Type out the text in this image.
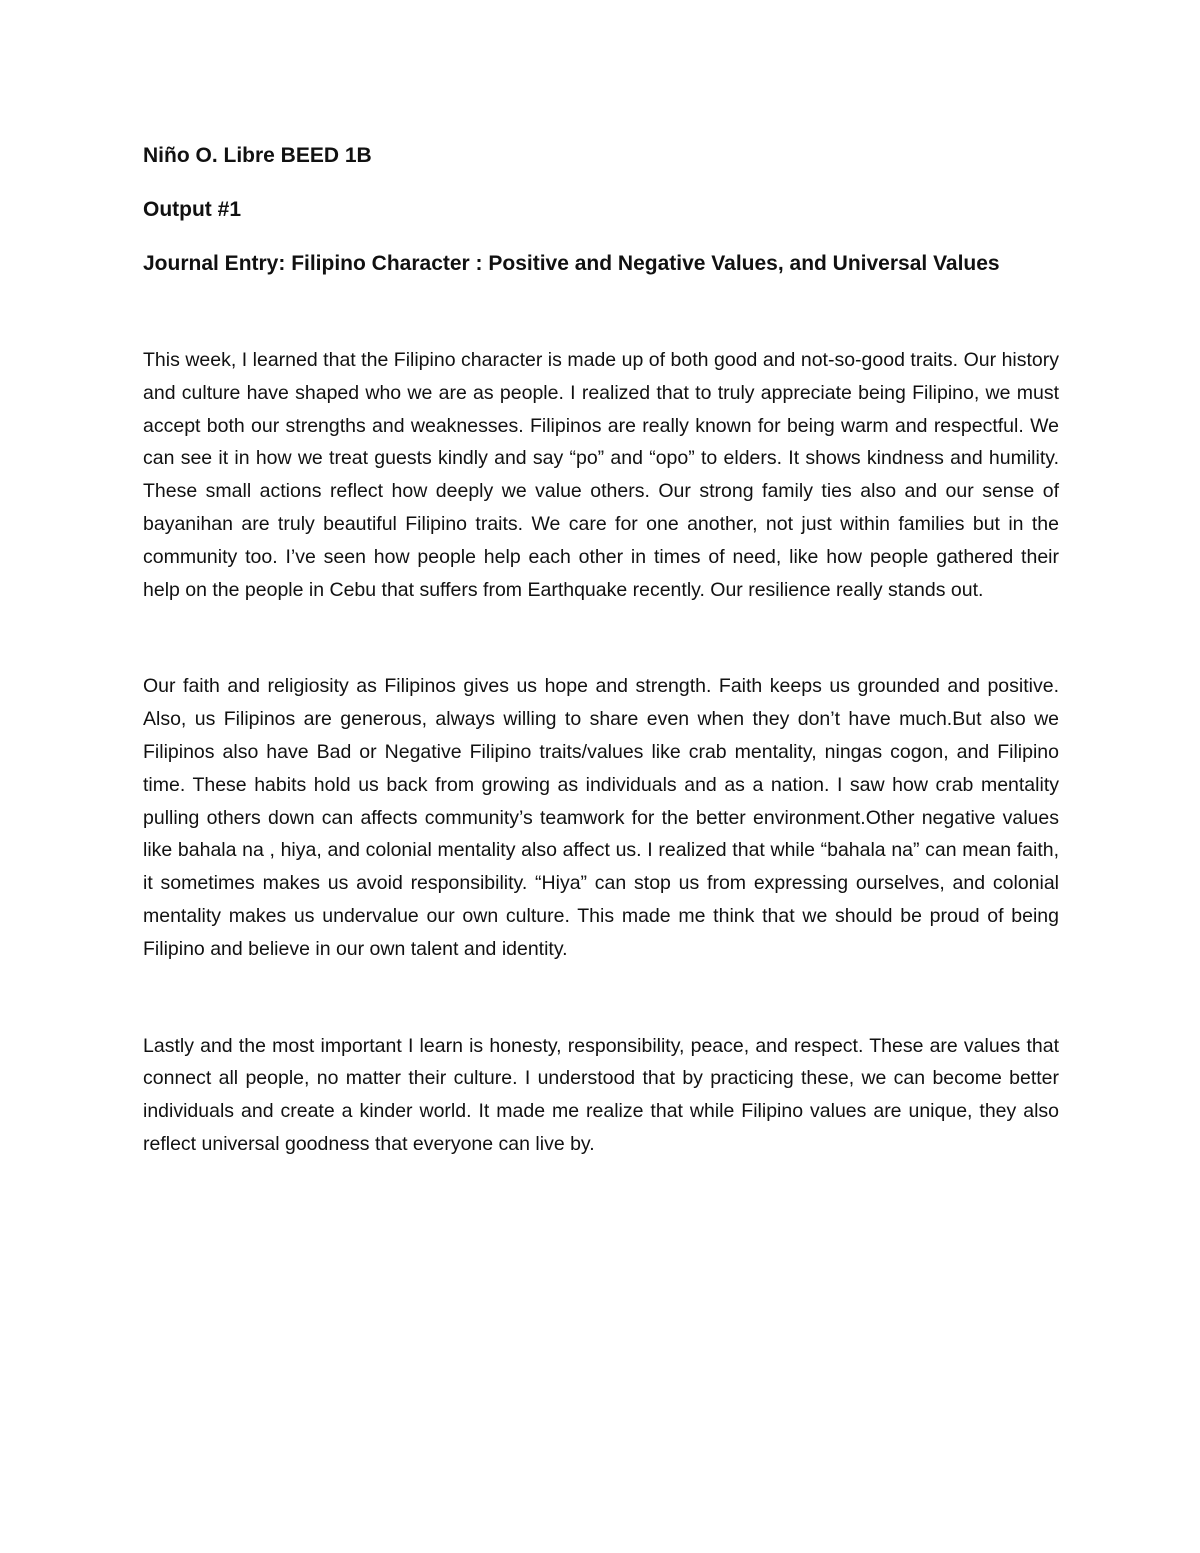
Niño O. Libre BEED 1B

Output #1

Journal Entry: Filipino Character : Positive and Negative Values, and Universal Values

This week, I learned that the Filipino character is made up of both good and not-so-good traits. Our history and culture have shaped who we are as people. I realized that to truly appreciate being Filipino, we must accept both our strengths and weaknesses. Filipinos are really known for being warm and respectful. We can see it in how we treat guests kindly and say “po” and “opo” to elders. It shows kindness and humility. These small actions reflect how deeply we value others. Our strong family ties also and our sense of bayanihan are truly beautiful Filipino traits. We care for one another, not just within families but in the community too. I’ve seen how people help each other in times of need, like how people gathered their help on the people in Cebu that suffers from Earthquake recently. Our resilience really stands out.

Our faith and religiosity as Filipinos gives us hope and strength. Faith keeps us grounded and positive. Also, us Filipinos are generous, always willing to share even when they don’t have much.But also we Filipinos also have Bad or Negative Filipino traits/values like crab mentality, ningas cogon, and Filipino time. These habits hold us back from growing as individuals and as a nation. I saw how crab mentality pulling others down can affects community’s teamwork for the better environment.Other negative values like bahala na , hiya, and colonial mentality also affect us. I realized that while “bahala na” can mean faith, it sometimes makes us avoid responsibility. “Hiya” can stop us from expressing ourselves, and colonial mentality makes us undervalue our own culture. This made me think that we should be proud of being Filipino and believe in our own talent and identity.

Lastly and the most important I learn is honesty, responsibility, peace, and respect. These are values that connect all people, no matter their culture. I understood that by practicing these, we can become better individuals and create a kinder world. It made me realize that while Filipino values are unique, they also reflect universal goodness that everyone can live by.
